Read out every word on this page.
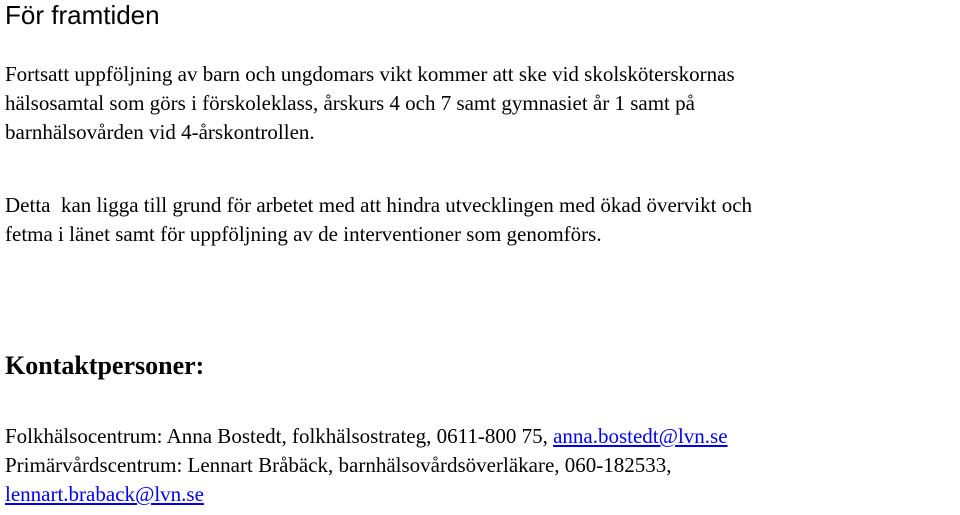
För framtiden

Fortsatt uppföljning av barn och ungdomars vikt kommer att ske vid skolsköterskornas
hälsosamtal som görs i förskoleklass, årskurs 4 och 7 samt gymnasiet år 1 samt på
barnhälsovården vid 4-årskontrollen.

Detta  kan ligga till grund för arbetet med att hindra utvecklingen med ökad övervikt och
fetma i länet samt för uppföljning av de interventioner som genomförs.

Kontaktpersoner:
Folkhälsocentrum: Anna Bostedt, folkhälsostrateg, 0611-800 75, anna.bostedt@lvn.se
Primärvårdscentrum: Lennart Bråbäck, barnhälsovårdsöverläkare, 060-182533,
lennart.braback@lvn.se
